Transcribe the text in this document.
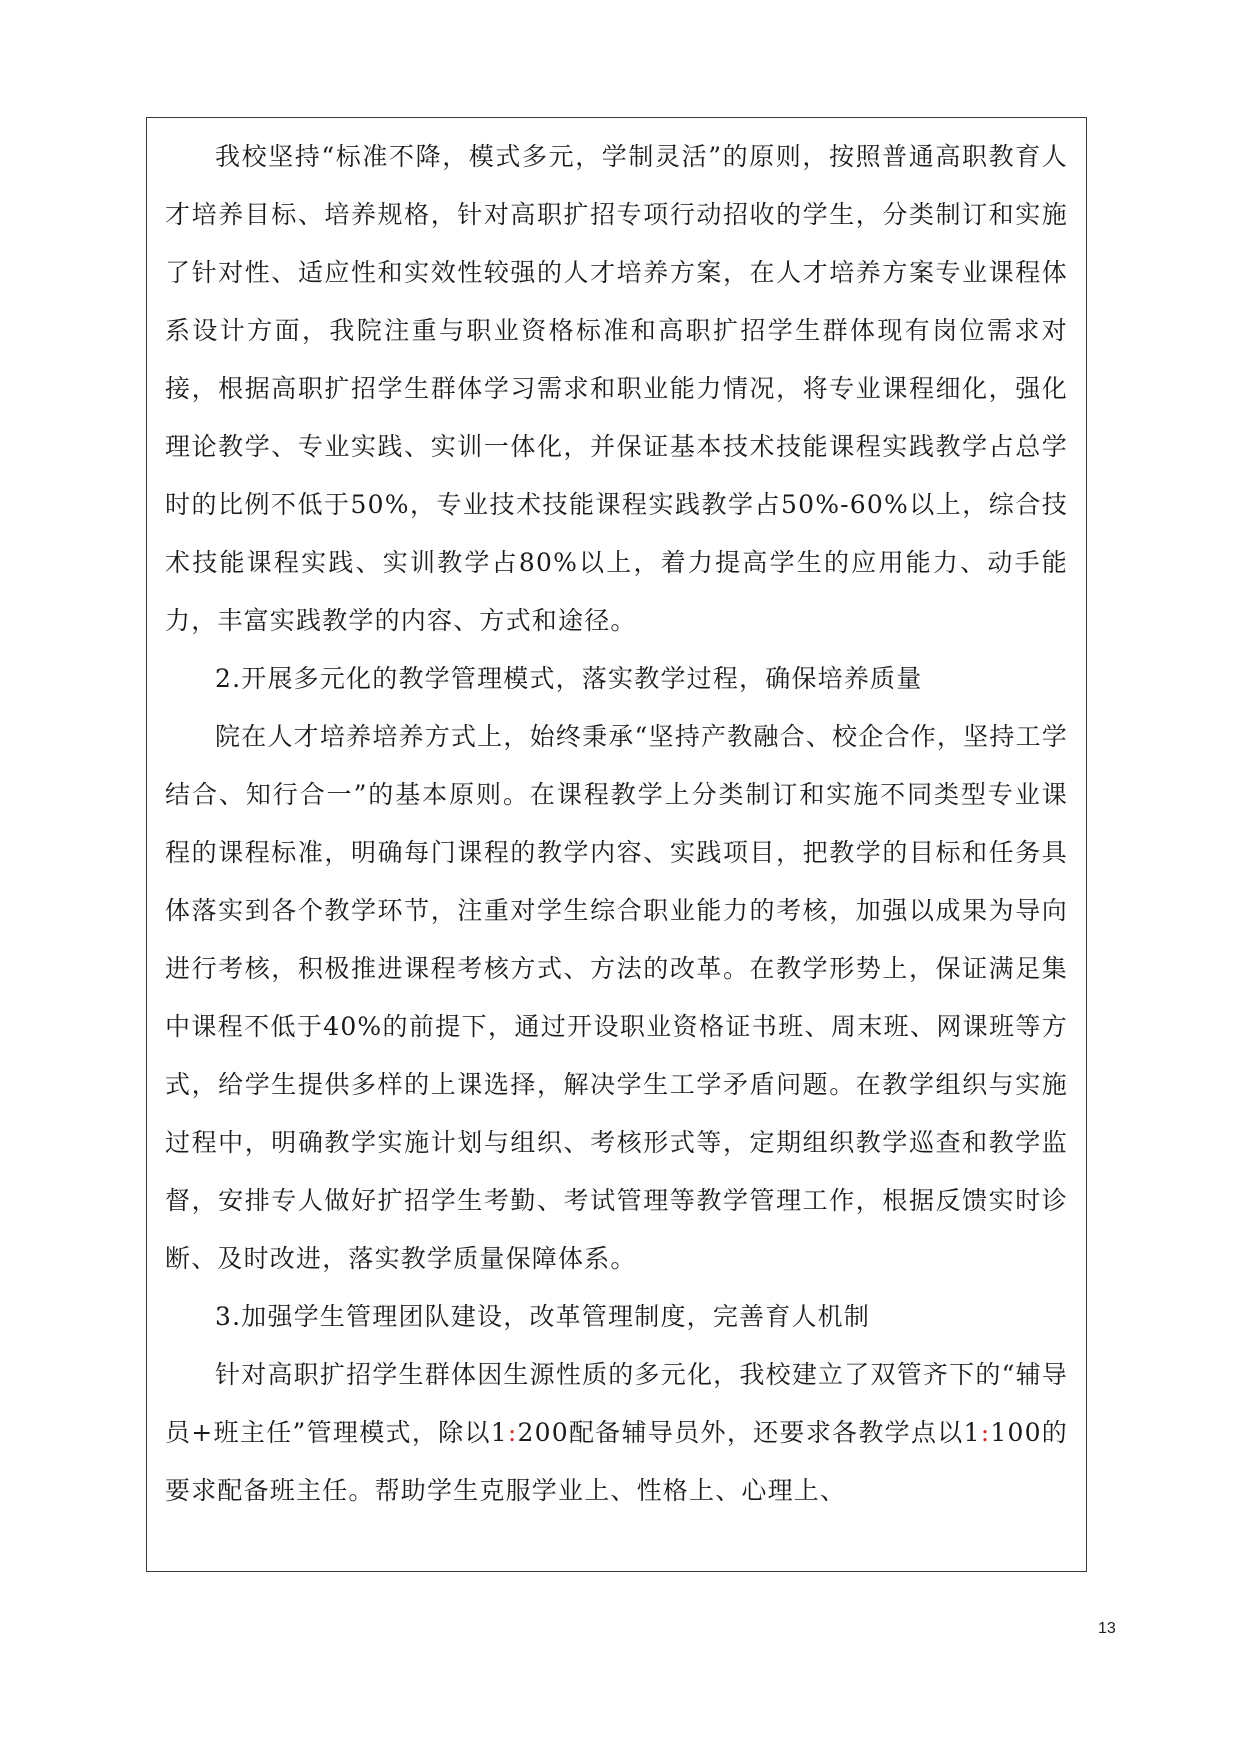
我校坚持“标准不降，模式多元，学制灵活”的原则，按照普通高职教育人才培养目标、培养规格，针对高职扩招专项行动招收的学生，分类制订和实施了针对性、适应性和实效性较强的人才培养方案，在人才培养方案专业课程体系设计方面，我院注重与职业资格标准和高职扩招学生群体现有岗位需求对接，根据高职扩招学生群体学习需求和职业能力情况，将专业课程细化，强化理论教学、专业实践、实训一体化，并保证基本技术技能课程实践教学占总学时的比例不低于50%，专业技术技能课程实践教学占50%-60%以上，综合技术技能课程实践、实训教学占80%以上，着力提高学生的应用能力、动手能力，丰富实践教学的内容、方式和途径。

2.开展多元化的教学管理模式，落实教学过程，确保培养质量

院在人才培养培养方式上，始终秉承“坚持产教融合、校企合作，坚持工学结合、知行合一”的基本原则。在课程教学上分类制订和实施不同类型专业课程的课程标准，明确每门课程的教学内容、实践项目，把教学的目标和任务具体落实到各个教学环节，注重对学生综合职业能力的考核，加强以成果为导向进行考核，积极推进课程考核方式、方法的改革。在教学形势上，保证满足集中课程不低于40%的前提下，通过开设职业资格证书班、周末班、网课班等方式，给学生提供多样的上课选择，解决学生工学矛盾问题。在教学组织与实施过程中，明确教学实施计划与组织、考核形式等，定期组织教学巡查和教学监督，安排专人做好扩招学生考勤、考试管理等教学管理工作，根据反馈实时诊断、及时改进，落实教学质量保障体系。

3.加强学生管理团队建设，改革管理制度，完善育人机制

针对高职扩招学生群体因生源性质的多元化，我校建立了双管齐下的“辅导员+班主任”管理模式，除以1:200配备辅导员外，还要求各教学点以1:100的要求配备班主任。帮助学生克服学业上、性格上、心理上、

13
